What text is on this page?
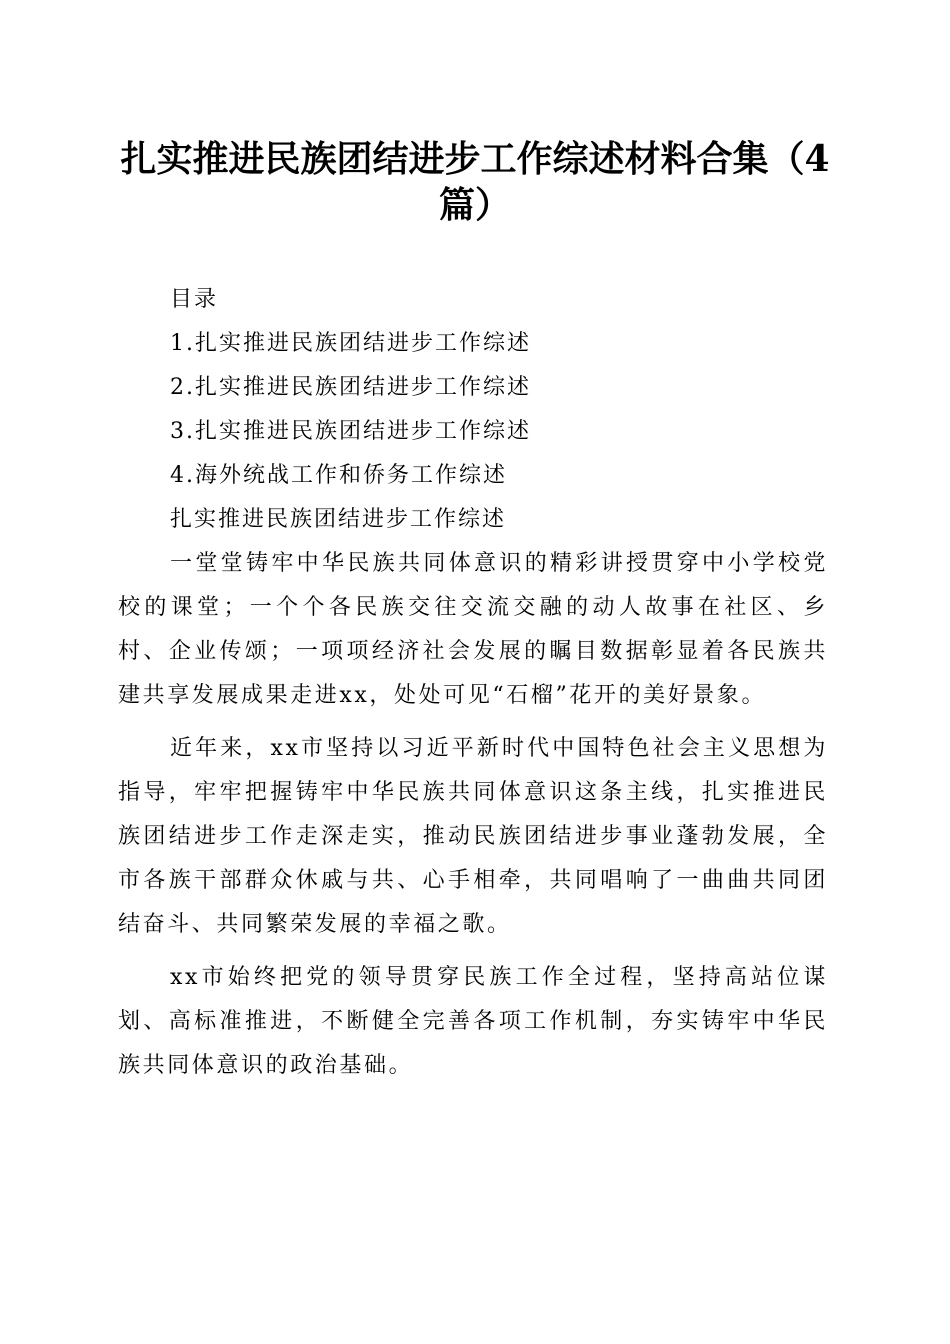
扎实推进民族团结进步工作综述材料合集（4篇）
目录
1.扎实推进民族团结进步工作综述
2.扎实推进民族团结进步工作综述
3.扎实推进民族团结进步工作综述
4.海外统战工作和侨务工作综述
扎实推进民族团结进步工作综述

一堂堂铸牢中华民族共同体意识的精彩讲授贯穿中小学校党校的课堂；一个个各民族交往交流交融的动人故事在社区、乡村、企业传颂；一项项经济社会发展的瞩目数据彰显着各民族共建共享发展成果走进xx，处处可见“石榴”花开的美好景象。

近年来，xx市坚持以习近平新时代中国特色社会主义思想为指导，牢牢把握铸牢中华民族共同体意识这条主线，扎实推进民族团结进步工作走深走实，推动民族团结进步事业蓬勃发展，全市各族干部群众休戚与共、心手相牵，共同唱响了一曲曲共同团结奋斗、共同繁荣发展的幸福之歌。

xx市始终把党的领导贯穿民族工作全过程，坚持高站位谋划、高标准推进，不断健全完善各项工作机制，夯实铸牢中华民族共同体意识的政治基础。
